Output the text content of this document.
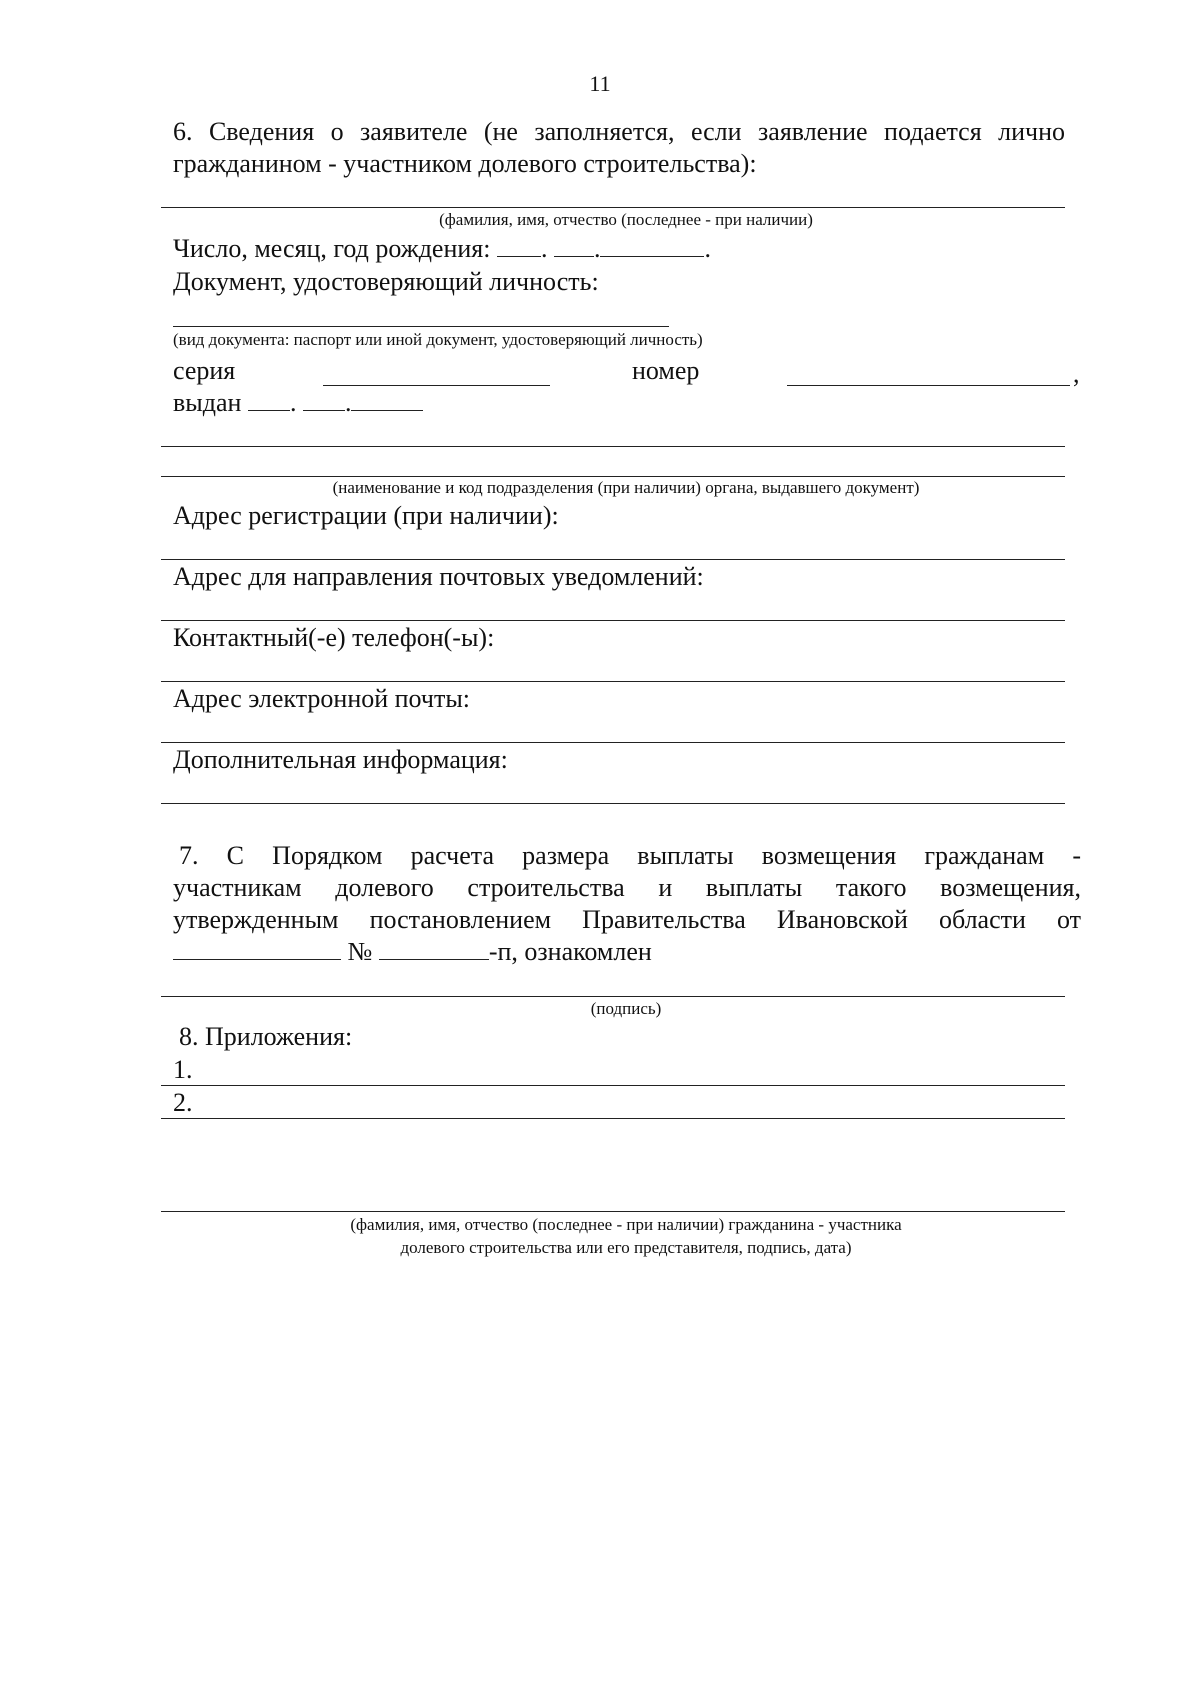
11
6. Сведения о заявителе (не заполняется, если заявление подается лично
гражданином - участником долевого строительства):
(фамилия, имя, отчество (последнее - при наличии)
Число, месяц, год рождения: . .	.
Документ, удостоверяющий личность:
(вид документа: паспорт или иной документ, удостоверяющий личность)
серия	номер	,
выдан . .
(наименование и код подразделения (при наличии) органа, выдавшего документ)
Адрес регистрации (при наличии):
Адрес для направления почтовых уведомлений:
Контактный(-е) телефон(-ы):
Адрес электронной почты:
Дополнительная информация:
7. С Порядком расчета размера выплаты возмещения гражданам -
участникам долевого строительства и выплаты такого возмещения,
утвержденным постановлением Правительства Ивановской области от
№	-п, ознакомлен
(подпись)
8. Приложения:
1.
2.
(фамилия, имя, отчество (последнее - при наличии) гражданина - участника
долевого строительства или его представителя, подпись, дата)
